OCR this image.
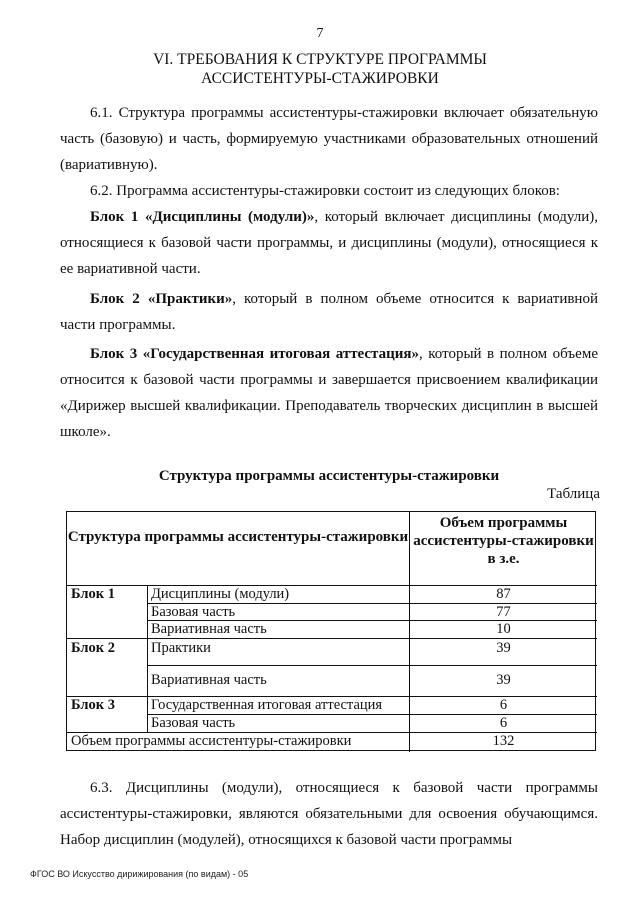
7
VI. ТРЕБОВАНИЯ К СТРУКТУРЕ ПРОГРАММЫ
АССИСТЕНТУРЫ-СТАЖИРОВКИ
6.1. Структура программы ассистентуры-стажировки включает обязательную часть (базовую) и часть, формируемую участниками образовательных отношений (вариативную).
6.2. Программа ассистентуры-стажировки состоит из следующих блоков:
Блок 1 «Дисциплины (модули)», который включает дисциплины (модули), относящиеся к базовой части программы, и дисциплины (модули), относящиеся к ее вариативной части.
Блок 2 «Практики», который в полном объеме относится к вариативной части программы.
Блок 3 «Государственная итоговая аттестация», который в полном объеме относится к базовой части программы и завершается присвоением квалификации «Дирижер высшей квалификации. Преподаватель творческих дисциплин в высшей школе».
Структура программы ассистентуры-стажировки
Таблица
Структура программы ассистентуры-стажировки
Объем программы ассистентуры-стажировки в з.е.
Блок 1 Дисциплины (модули)	87
Базовая часть	77
Вариативная часть	10
Блок 2 Практики	39
Вариативная часть	39
Блок 3 Государственная итоговая аттестация	6
Базовая часть	6
Объем программы ассистентуры-стажировки	132
6.3. Дисциплины (модули), относящиеся к базовой части программы ассистентуры-стажировки, являются обязательными для освоения обучающимся. Набор дисциплин (модулей), относящихся к базовой части программы
ФГОС ВО Искусство дирижирования (по видам) - 05
